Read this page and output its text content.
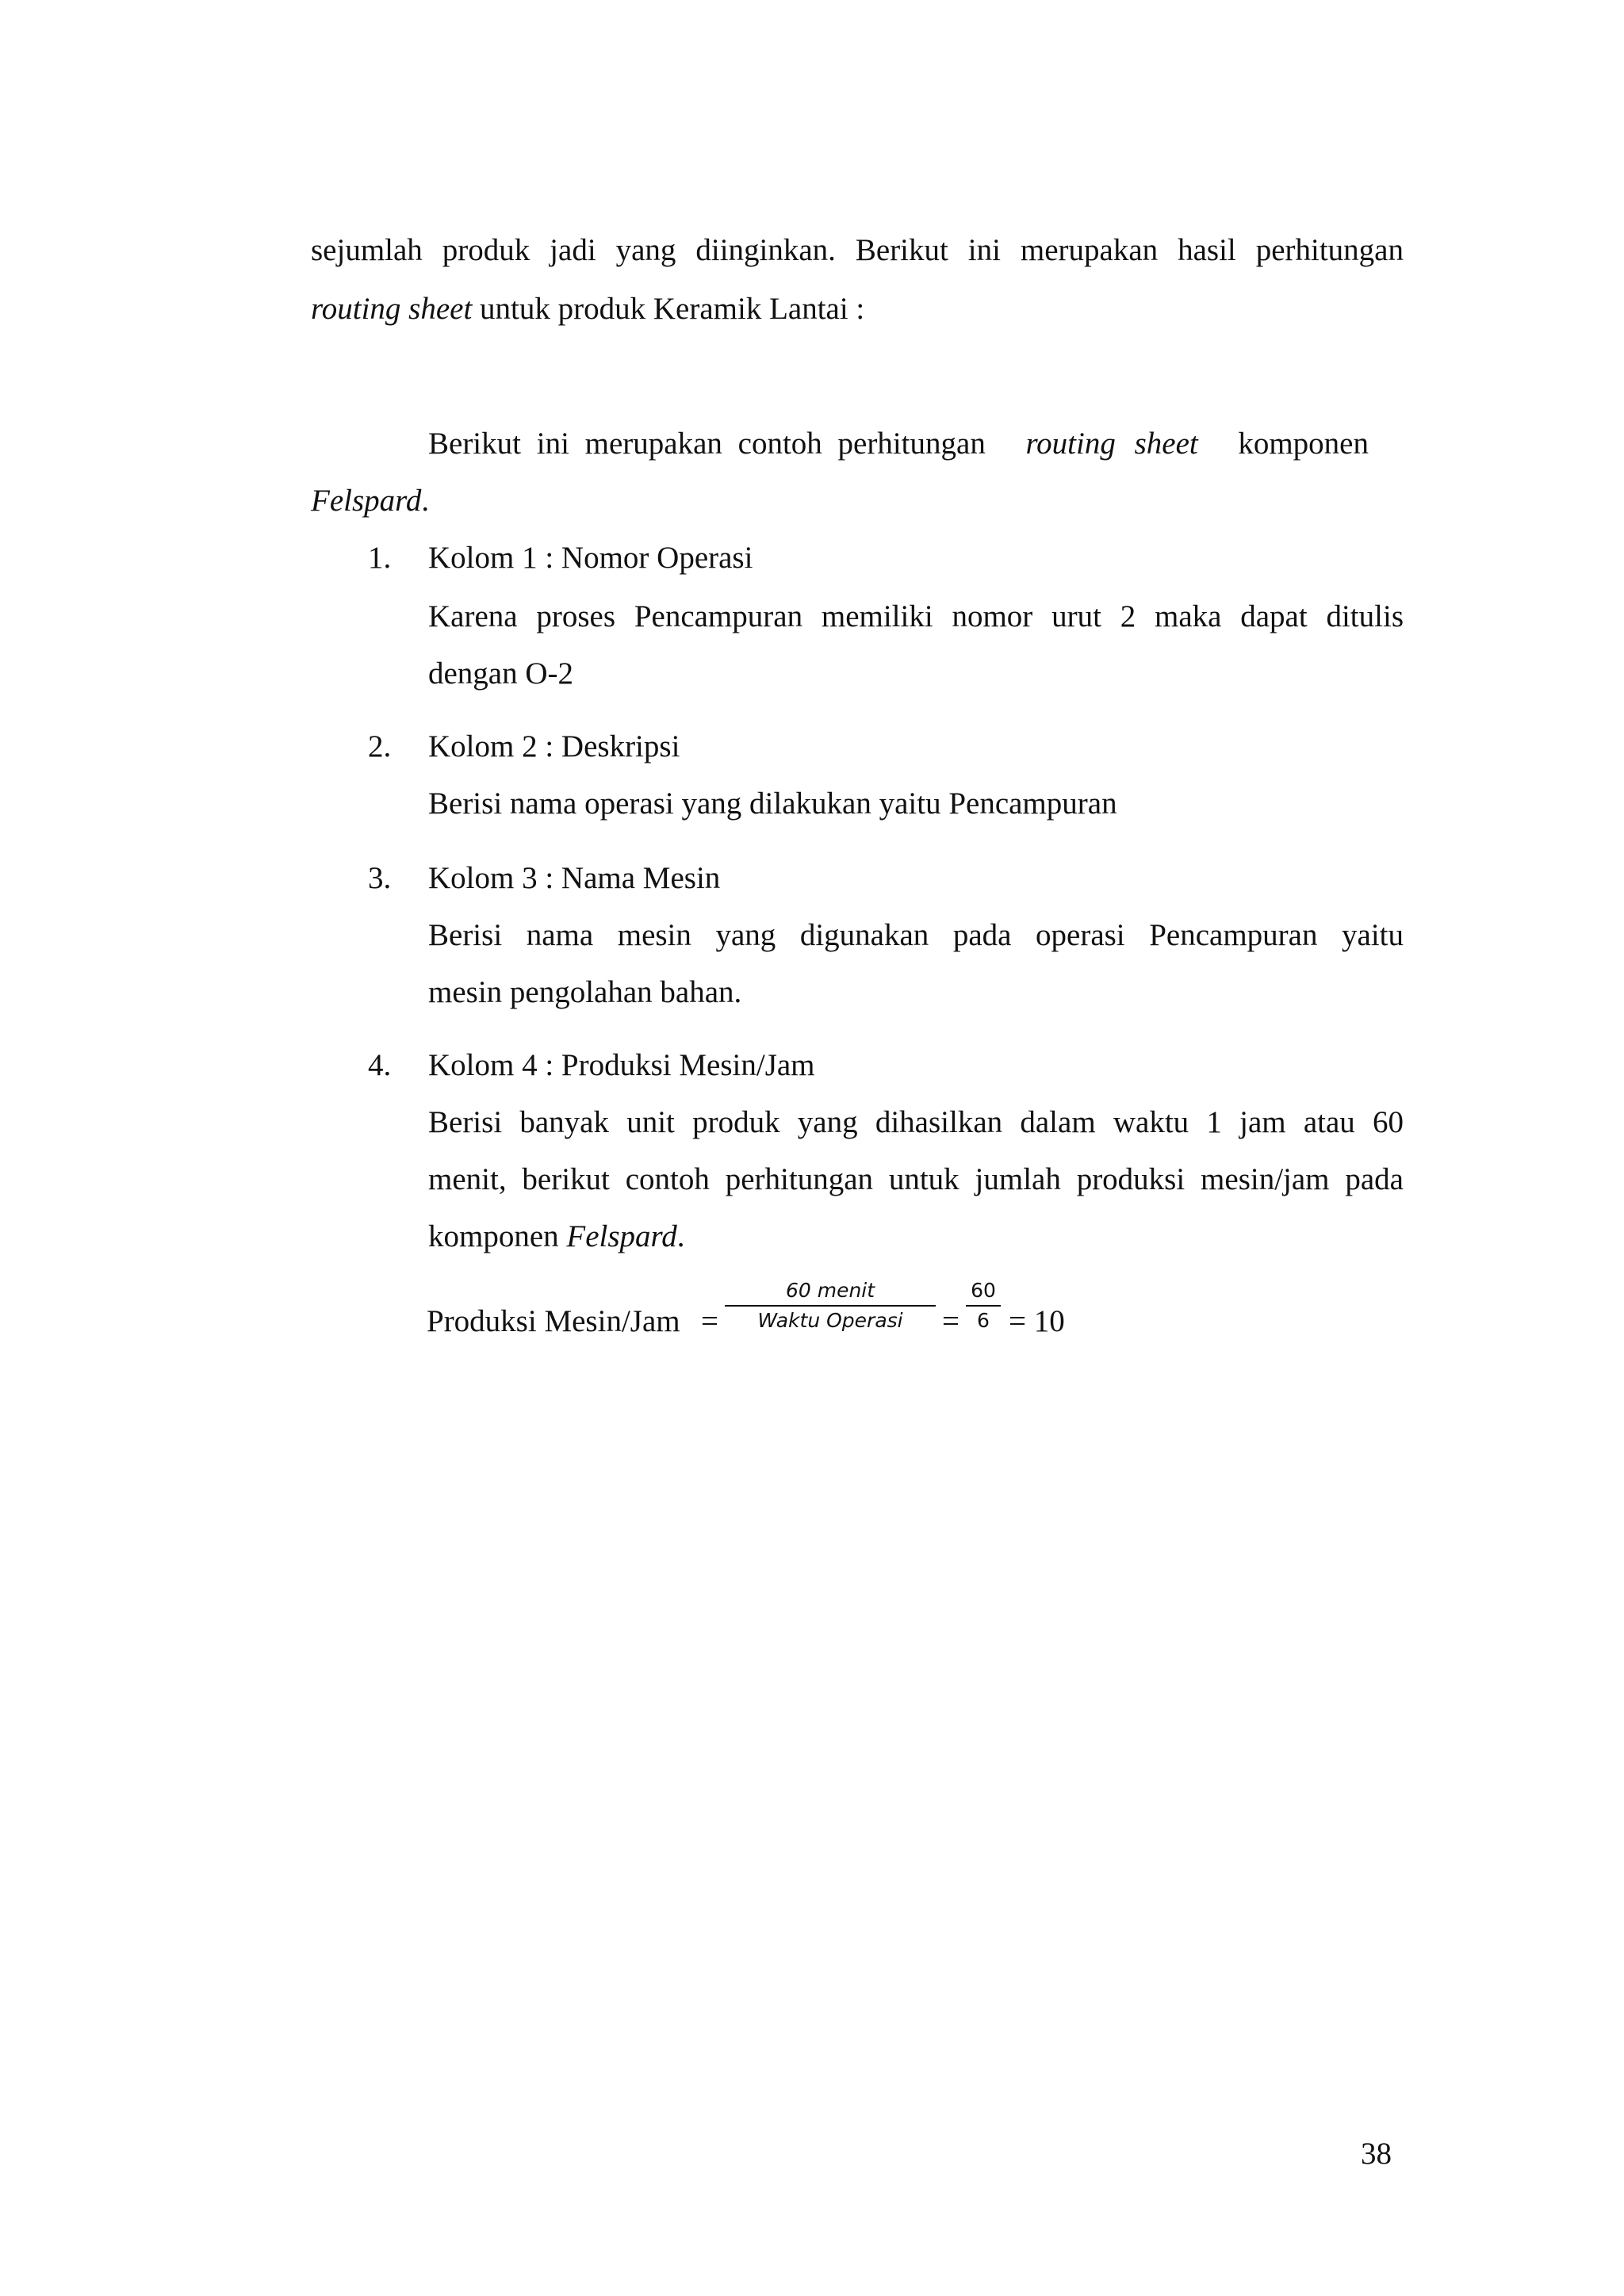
sejumlah produk jadi yang diinginkan. Berikut ini merupakan hasil perhitungan
routing sheet untuk produk Keramik Lantai :
Berikut ini merupakan contoh perhitungan routing sheet komponen
Felspard.
1. Kolom 1 : Nomor Operasi
Karena proses Pencampuran memiliki nomor urut 2 maka dapat ditulis
dengan O-2
2. Kolom 2 : Deskripsi
Berisi nama operasi yang dilakukan yaitu Pencampuran
3. Kolom 3 : Nama Mesin
Berisi nama mesin yang digunakan pada operasi Pencampuran yaitu
mesin pengolahan bahan.
4. Kolom 4 : Produksi Mesin/Jam
Berisi banyak unit produk yang dihasilkan dalam waktu 1 jam atau 60
menit, berikut contoh perhitungan untuk jumlah produksi mesin/jam pada
komponen Felspard.
Produksi Mesin/Jam =
60 menit
Waktu Operasi	=
60
6 = 10
38
